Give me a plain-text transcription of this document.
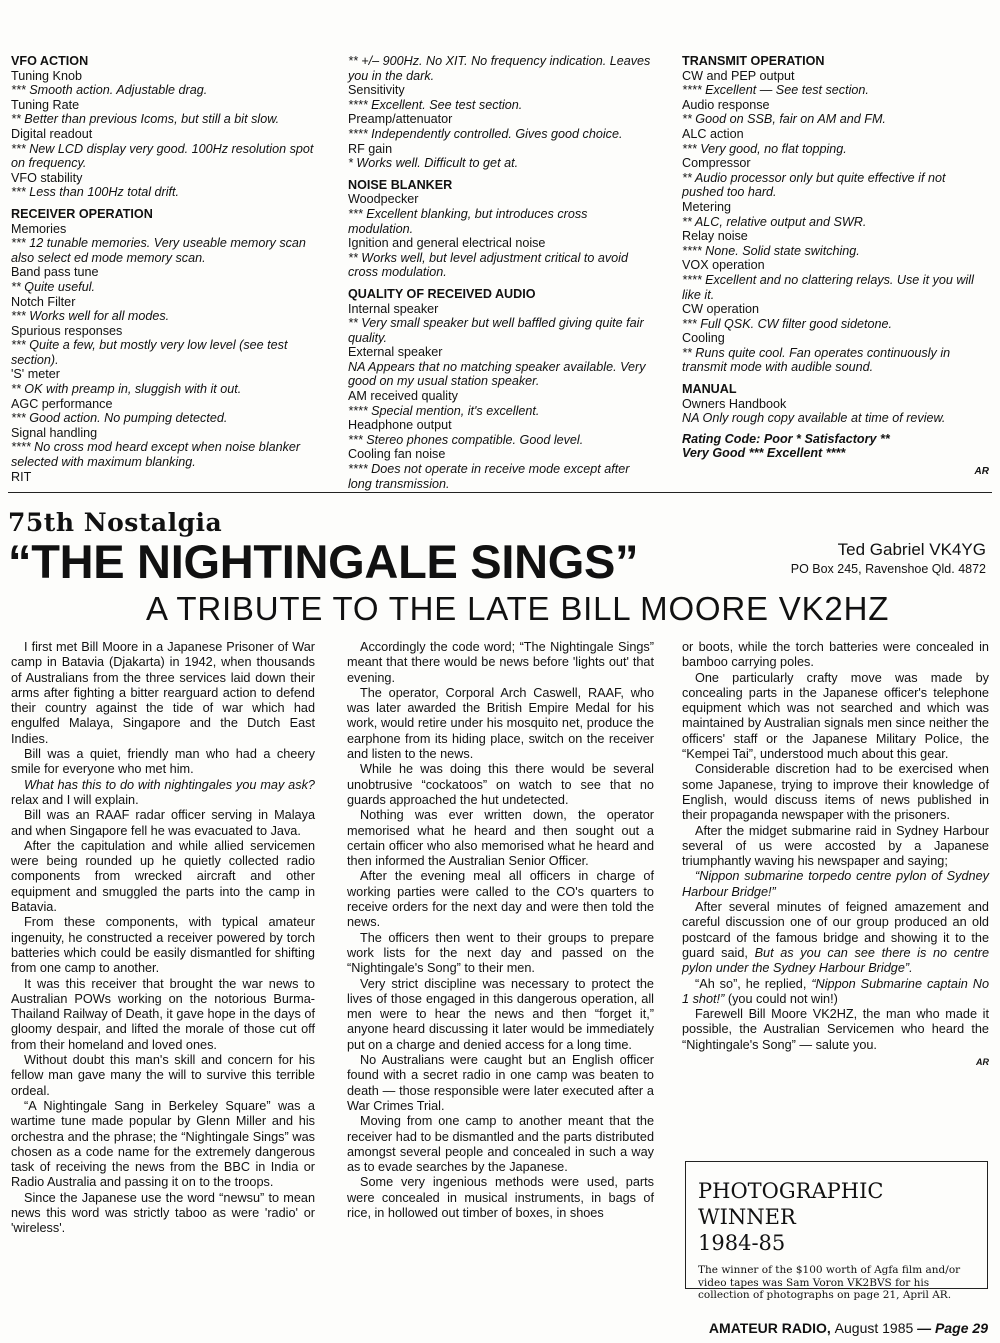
VFO ACTION
Tuning Knob
*** Smooth action. Adjustable drag.
Tuning Rate
** Better than previous Icoms, but still a bit slow.
Digital readout
*** New LCD display very good. 100Hz resolution spot on frequency.
VFO stability
*** Less than 100Hz total drift.
RECEIVER OPERATION
Memories
*** 12 tunable memories. Very useable memory scan also select ed mode memory scan.
Band pass tune
** Quite useful.
Notch Filter
*** Works well for all modes.
Spurious responses
*** Quite a few, but mostly very low level (see test section).
'S' meter
** OK with preamp in, sluggish with it out.
AGC performance
*** Good action. No pumping detected.
Signal handling
**** No cross mod heard except when noise blanker selected with maximum blanking.
RIT
** +/– 900Hz. No XIT. No frequency indication. Leaves you in the dark.
Sensitivity
**** Excellent. See test section.
Preamp/attenuator
**** Independently controlled. Gives good choice.
RF gain
* Works well. Difficult to get at.
NOISE BLANKER
Woodpecker
*** Excellent blanking, but introduces cross modulation.
Ignition and general electrical noise
** Works well, but level adjustment critical to avoid cross modulation.
QUALITY OF RECEIVED AUDIO
Internal speaker
** Very small speaker but well baffled giving quite fair quality.
External speaker
NA Appears that no matching speaker available. Very good on my usual station speaker.
AM received quality
**** Special mention, it's excellent.
Headphone output
*** Stereo phones compatible. Good level.
Cooling fan noise
**** Does not operate in receive mode except after long transmission.
TRANSMIT OPERATION
CW and PEP output
**** Excellent — See test section.
Audio response
** Good on SSB, fair on AM and FM.
ALC action
*** Very good, no flat topping.
Compressor
** Audio processor only but quite effective if not pushed too hard.
Metering
** ALC, relative output and SWR.
Relay noise
**** None. Solid state switching.
VOX operation
**** Excellent and no clattering relays. Use it you will like it.
CW operation
*** Full QSK. CW filter good sidetone.
Cooling
** Runs quite cool. Fan operates continuously in transmit mode with audible sound.
MANUAL
Owners Handbook
NA Only rough copy available at time of review.
Rating Code: Poor * Satisfactory **
Very Good *** Excellent ****
AR
75th Nostalgia
“THE NIGHTINGALE SINGS”
A TRIBUTE TO THE LATE BILL MOORE VK2HZ
Ted Gabriel VK4YG
PO Box 245, Ravenshoe Qld. 4872

I first met Bill Moore in a Japanese Prisoner of War camp in Batavia (Djakarta) in 1942, when thousands of Australians from the three services laid down their arms after fighting a bitter rearguard action to defend their country against the tide of war which had engulfed Malaya, Singapore and the Dutch East Indies.

Bill was a quiet, friendly man who had a cheery smile for everyone who met him.

What has this to do with nightingales you may ask? relax and I will explain.

Bill was an RAAF radar officer serving in Malaya and when Singapore fell he was evacuated to Java.

After the capitulation and while allied servicemen were being rounded up he quietly collected radio components from wrecked aircraft and other equipment and smuggled the parts into the camp in Batavia.

From these components, with typical amateur ingenuity, he constructed a receiver powered by torch batteries which could be easily dismantled for shifting from one camp to another.

It was this receiver that brought the war news to Australian POWs working on the notorious Burma-Thailand Railway of Death, it gave hope in the days of gloomy despair, and lifted the morale of those cut off from their homeland and loved ones.

Without doubt this man's skill and concern for his fellow man gave many the will to survive this terrible ordeal.

“A Nightingale Sang in Berkeley Square” was a wartime tune made popular by Glenn Miller and his orchestra and the phrase; the “Nightingale Sings” was chosen as a code name for the extremely dangerous task of receiving the news from the BBC in India or Radio Australia and passing it on to the troops.

Since the Japanese use the word “newsu” to mean news this word was strictly taboo as were 'radio' or 'wireless'.

Accordingly the code word; “The Nightingale Sings” meant that there would be news before 'lights out' that evening.

The operator, Corporal Arch Caswell, RAAF, who was later awarded the British Empire Medal for his work, would retire under his mosquito net, produce the earphone from its hiding place, switch on the receiver and listen to the news.

While he was doing this there would be several unobtrusive “cockatoos” on watch to see that no guards approached the hut undetected.

Nothing was ever written down, the operator memorised what he heard and then sought out a certain officer who also memorised what he heard and then informed the Australian Senior Officer.

After the evening meal all officers in charge of working parties were called to the CO's quarters to receive orders for the next day and were then told the news.

The officers then went to their groups to prepare work lists for the next day and passed on the “Nightingale's Song” to their men.

Very strict discipline was necessary to protect the lives of those engaged in this dangerous operation, all men were to hear the news and then “forget it,” anyone heard discussing it later would be immediately put on a charge and denied access for a long time.

No Australians were caught but an English officer found with a secret radio in one camp was beaten to death — those responsible were later executed after a War Crimes Trial.

Moving from one camp to another meant that the receiver had to be dismantled and the parts distributed amongst several people and concealed in such a way as to evade searches by the Japanese.

Some very ingenious methods were used, parts were concealed in musical instruments, in bags of rice, in hollowed out timber of boxes, in shoes

or boots, while the torch batteries were concealed in bamboo carrying poles.

One particularly crafty move was made by concealing parts in the Japanese officer's telephone equipment which was not searched and which was maintained by Australian signals men since neither the officers' staff or the Japanese Military Police, the “Kempei Tai”, understood much about this gear.

Considerable discretion had to be exercised when some Japanese, trying to improve their knowledge of English, would discuss items of news published in their propaganda newspaper with the prisoners.

After the midget submarine raid in Sydney Harbour several of us were accosted by a Japanese triumphantly waving his newspaper and saying;

“Nippon submarine torpedo centre pylon of Sydney Harbour Bridge!”

After several minutes of feigned amazement and careful discussion one of our group produced an old postcard of the famous bridge and showing it to the guard said, But as you can see there is no centre pylon under the Sydney Harbour Bridge”.

“Ah so”, he replied, “Nippon Submarine captain No 1 shot!” (you could not win!)

Farewell Bill Moore VK2HZ, the man who made it possible, the Australian Servicemen who heard the “Nightingale's Song” — salute you.

AR
PHOTOGRAPHIC WINNER
1984-85
The winner of the $100 worth of Agfa film and/or video tapes was Sam Voron VK2BVS for his collection of photographs on page 21, April AR.
AMATEUR RADIO, August 1985 — Page 29
